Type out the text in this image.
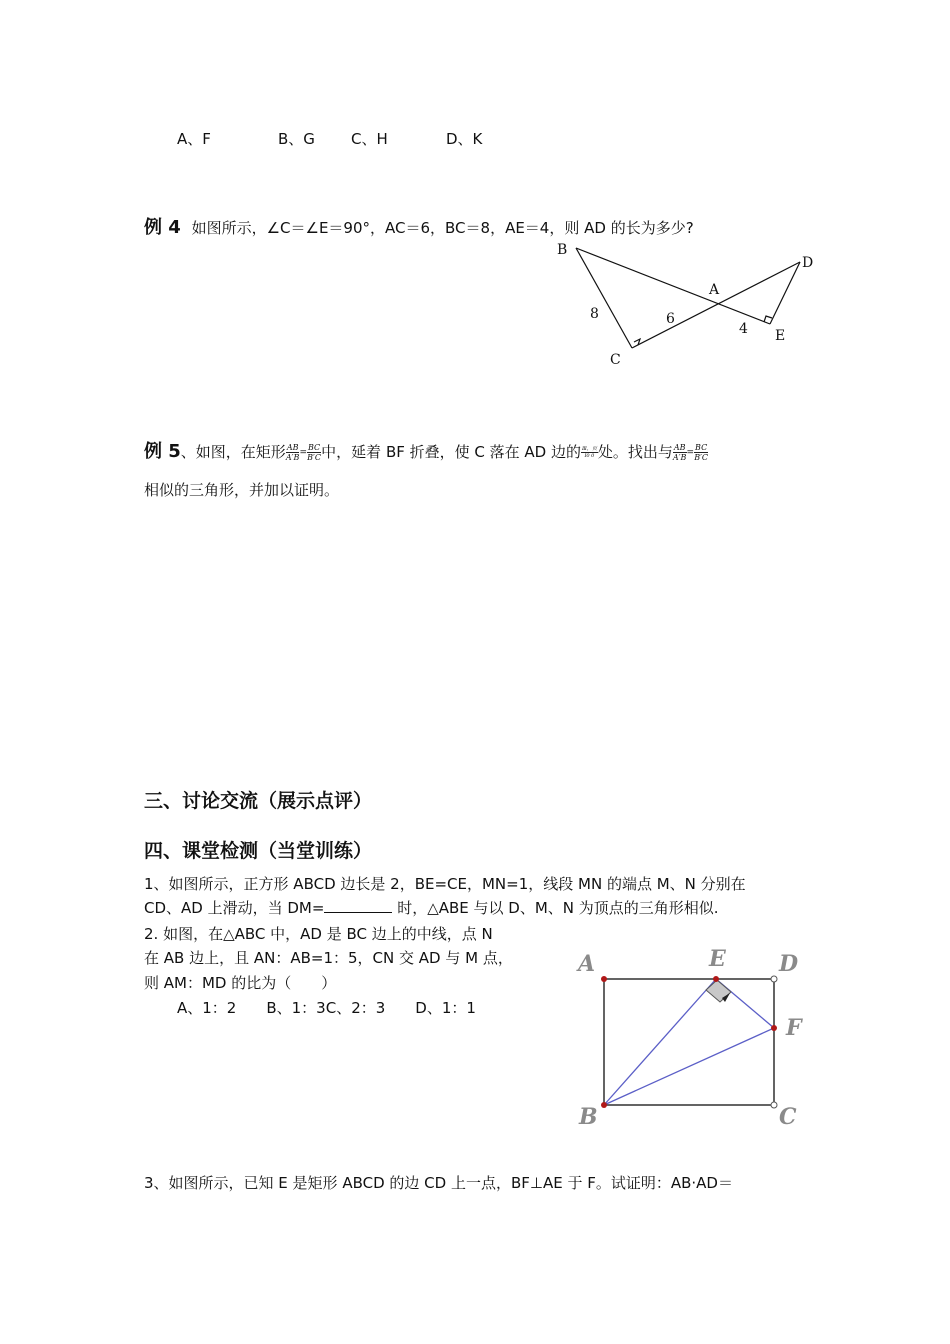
A、F	B、G C、H	D、K
例 4 如图所示，∠C＝∠E＝90°，AC＝6，BC＝8，AE＝4，则 AD 的长为多少?
B
D
A
C
E
8	6
4
例 5、如图，在矩形 $\frac{AB}{A'B} = \frac{BC}{B'C}$ 中，延着 BF 折叠，使 C 落在 AD 边的 $\frac{\text{Ⅲ，页}}{\text{Ⅰ0 0}}$ 处。找出与 $\frac{AB}{A'B} = \frac{BC}{B'C}$
相似的三角形，并加以证明。
三、讨论交流（展示点评）
四、课堂检测（当堂训练）
1、如图所示，正方形 ABCD 边长是 2，BE=CE，MN=1，线段 MN 的端点 M、N 分别在
CD、AD 上滑动，当 DM=	时，△ABE 与以 D、M、N 为顶点的三角形相似.
2. 如图，在△ABC 中，AD 是 BC 边上的中线，点 N
在 AB 边上，且 AN：AB=1：5，CN 交 AD 与 M 点，
则 AM：MD 的比为（　　）
A、1：2　　B、1：3C、2：3　　D、1：1
A	E D
F
B	C
3、如图所示，已知 E 是矩形 ABCD 的边 CD 上一点，BF⊥AE 于 F。试证明：AB·AD＝
